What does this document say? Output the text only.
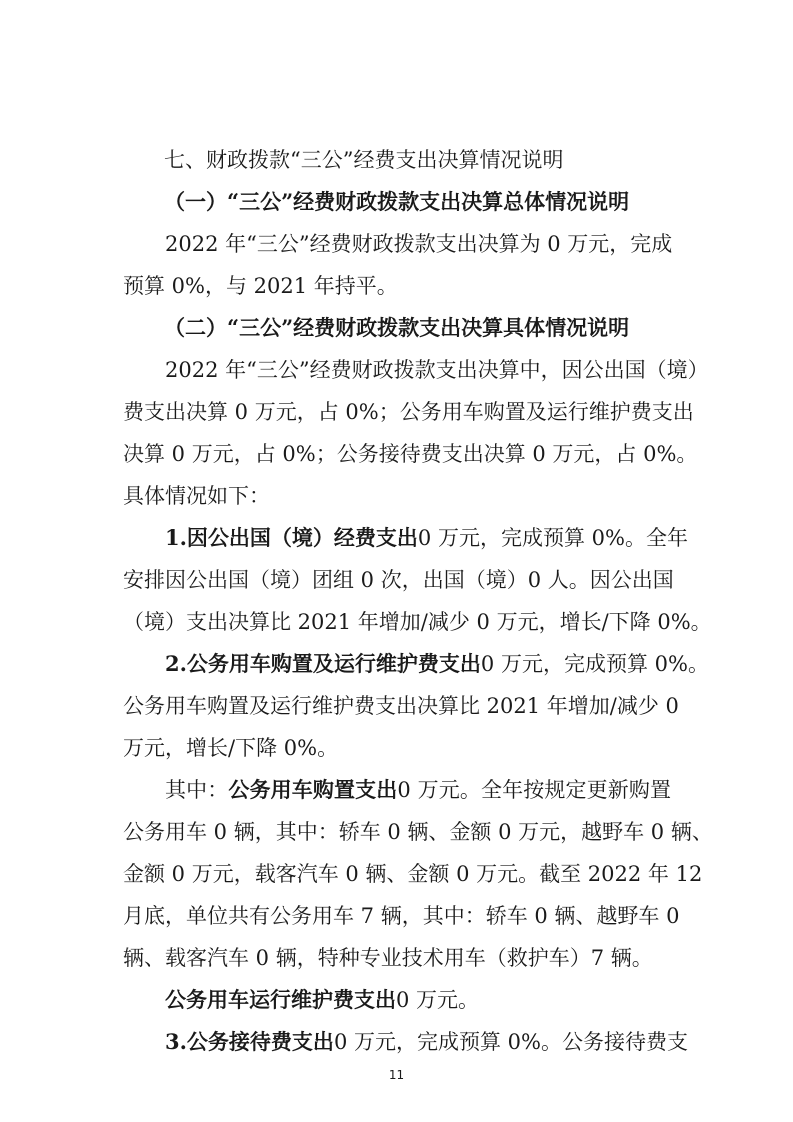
七、财政拨款“三公”经费支出决算情况说明
（一）“三公”经费财政拨款支出决算总体情况说明
2022 年“三公”经费财政拨款支出决算为 0 万元，完成
预算 0%，与 2021 年持平。
（二）“三公”经费财政拨款支出决算具体情况说明
2022 年“三公”经费财政拨款支出决算中，因公出国（境）
费支出决算 0 万元，占 0%；公务用车购置及运行维护费支出
决算 0 万元，占 0%；公务接待费支出决算 0 万元，占 0%。
具体情况如下：
1.因公出国（境）经费支出0 万元，完成预算 0%。全年
安排因公出国（境）团组 0 次，出国（境）0 人。因公出国
（境）支出决算比 2021 年增加/减少 0 万元，增长/下降 0%。
2.公务用车购置及运行维护费支出0 万元，完成预算 0%。
公务用车购置及运行维护费支出决算比 2021 年增加/减少 0
万元，增长/下降 0%。
其中：公务用车购置支出0 万元。全年按规定更新购置
公务用车 0 辆，其中：轿车 0 辆、金额 0 万元，越野车 0 辆、
金额 0 万元，载客汽车 0 辆、金额 0 万元。截至 2022 年 12
月底，单位共有公务用车 7 辆，其中：轿车 0 辆、越野车 0
辆、载客汽车 0 辆，特种专业技术用车（救护车）7 辆。
公务用车运行维护费支出0 万元。
3.公务接待费支出0 万元，完成预算 0%。公务接待费支
11
